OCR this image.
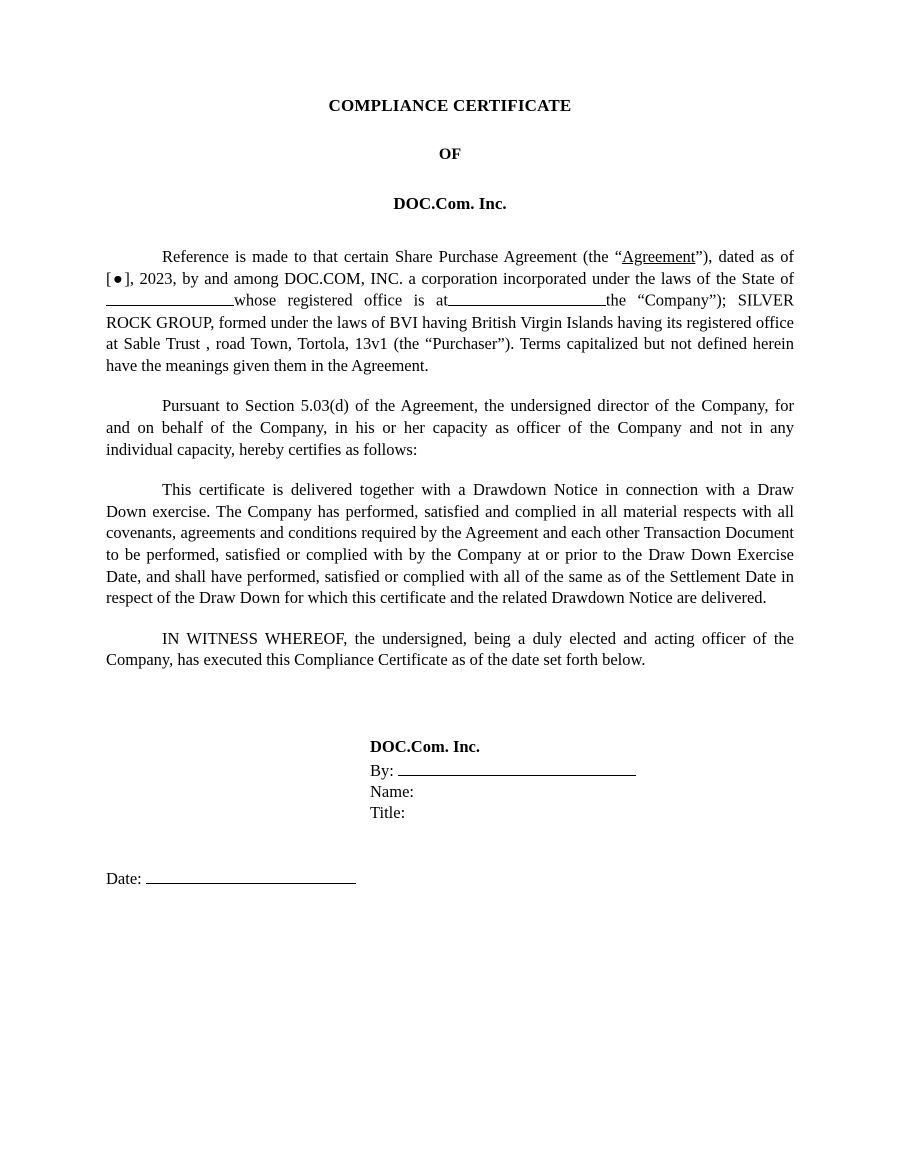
COMPLIANCE CERTIFICATE
OF
DOC.Com. Inc.

Reference is made to that certain Share Purchase Agreement (the “Agreement”), dated as of [●], 2023, by and among DOC.COM, INC. a corporation incorporated under the laws of the State ofwhose registered office is at	the “Company”); SILVER ROCK GROUP, formed under the laws of BVI having British Virgin Islands having its registered office at Sable Trust , road Town, Tortola, 13v1 (the “Purchaser”). Terms capitalized but not defined herein have the meanings given them in the Agreement.

Pursuant to Section 5.03(d) of the Agreement, the undersigned director of the Company, for and on behalf of the Company, in his or her capacity as officer of the Company and not in any individual capacity, hereby certifies as follows:

This certificate is delivered together with a Drawdown Notice in connection with a Draw Down exercise. The Company has performed, satisfied and complied in all material respects with all covenants, agreements and conditions required by the Agreement and each other Transaction Document to be performed, satisfied or complied with by the Company at or prior to the Draw Down Exercise Date, and shall have performed, satisfied or complied with all of the same as of the Settlement Date in respect of the Draw Down for which this certificate and the related Drawdown Notice are delivered.

IN WITNESS WHEREOF, the undersigned, being a duly elected and acting officer of the Company, has executed this Compliance Certificate as of the date set forth below.

DOC.Com. Inc.
By:
Name:
Title:
Date:
